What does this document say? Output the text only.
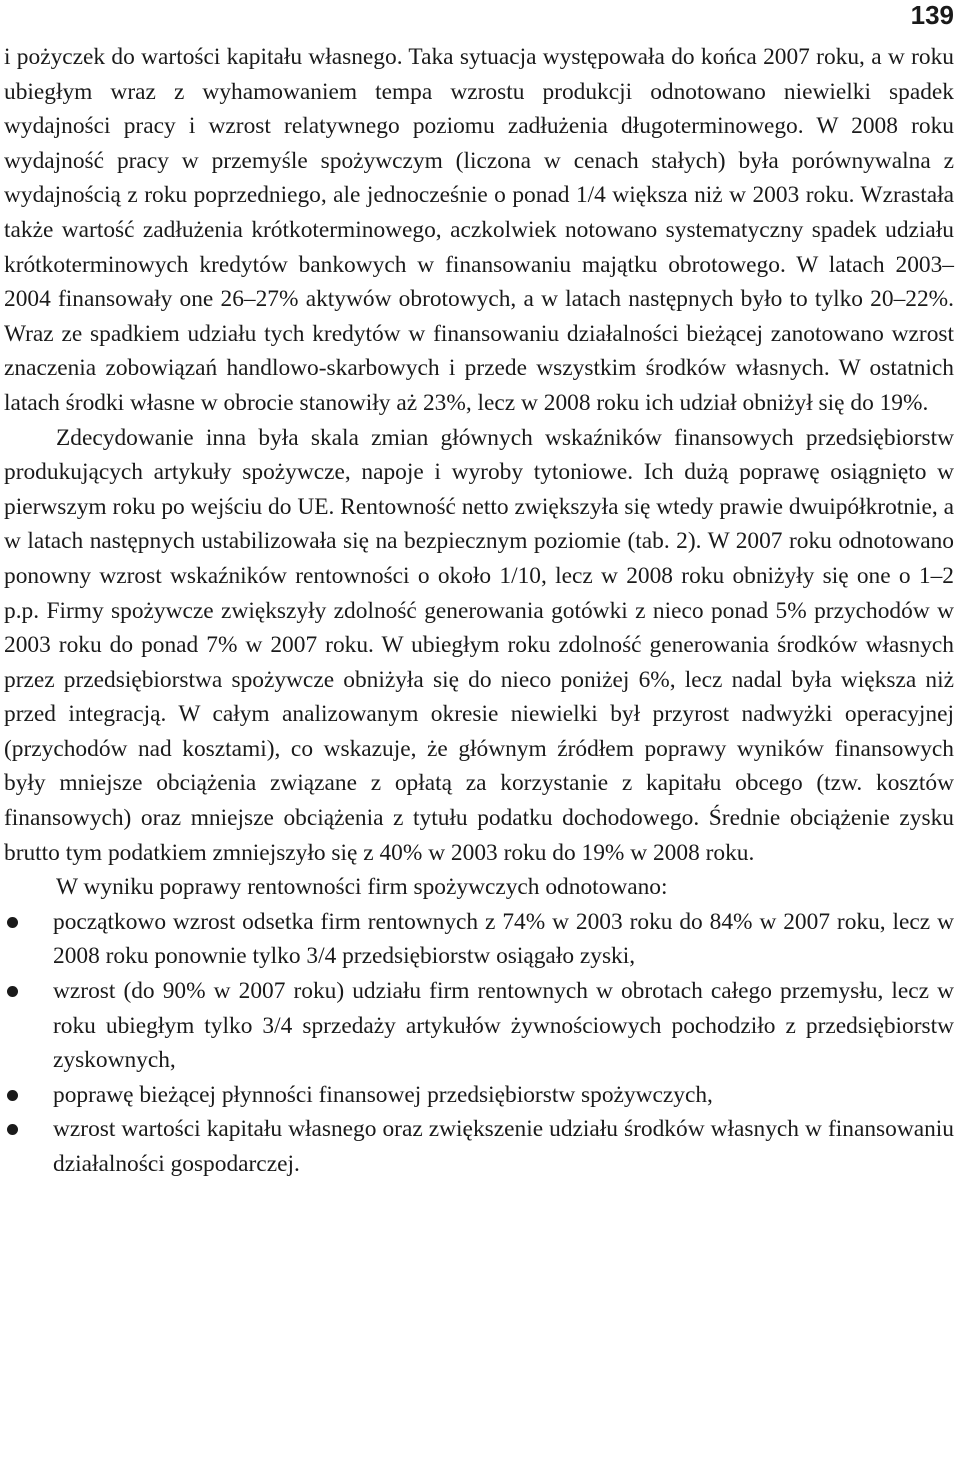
139

i pożyczek do wartości kapitału własnego. Taka sytuacja występowała do końca 2007 roku, a w roku ubiegłym wraz z wyhamowaniem tempa wzrostu produkcji odnotowano niewielki spadek wydajności pracy i wzrost relatywnego poziomu zadłużenia długoterminowego. W 2008 roku wydajność pracy w przemyśle spożywczym (liczona w cenach stałych) była porównywalna z wydajnością z roku poprzedniego, ale jednocześnie o ponad 1/4 większa niż w 2003 roku. Wzrastała także wartość zadłużenia krótkoterminowego, aczkolwiek notowano systematyczny spadek udziału krótkoterminowych kredytów bankowych w finansowaniu majątku obrotowego. W latach 2003–2004 finansowały one 26–27% aktywów obrotowych, a w latach następnych było to tylko 20–22%. Wraz ze spadkiem udziału tych kredytów w finansowaniu działalności bieżącej zanotowano wzrost znaczenia zobowiązań handlowo-skarbowych i przede wszystkim środków własnych. W ostatnich latach środki własne w obrocie stanowiły aż 23%, lecz w 2008 roku ich udział obniżył się do 19%.

Zdecydowanie inna była skala zmian głównych wskaźników finansowych przedsiębiorstw produkujących artykuły spożywcze, napoje i wyroby tytoniowe. Ich dużą poprawę osiągnięto w pierwszym roku po wejściu do UE. Rentowność netto zwiększyła się wtedy prawie dwuipółkrotnie, a w latach następnych ustabilizowała się na bezpiecznym poziomie (tab. 2). W 2007 roku odnotowano ponowny wzrost wskaźników rentowności o około 1/10, lecz w 2008 roku obniżyły się one o 1–2 p.p. Firmy spożywcze zwiększyły zdolność generowania gotówki z nieco ponad 5% przychodów w 2003 roku do ponad 7% w 2007 roku. W ubiegłym roku zdolność generowania środków własnych przez przedsiębiorstwa spożywcze obniżyła się do nieco poniżej 6%, lecz nadal była większa niż przed integracją. W całym analizowanym okresie niewielki był przyrost nadwyżki operacyjnej (przychodów nad kosztami), co wskazuje, że głównym źródłem poprawy wyników finansowych były mniejsze obciążenia związane z opłatą za korzystanie z kapitału obcego (tzw. kosztów finansowych) oraz mniejsze obciążenia z tytułu podatku dochodowego. Średnie obciążenie zysku brutto tym podatkiem zmniejszyło się z 40% w 2003 roku do 19% w 2008 roku.

W wyniku poprawy rentowności firm spożywczych odnotowano:

początkowo wzrost odsetka firm rentownych z 74% w 2003 roku do 84% w 2007 roku, lecz w 2008 roku ponownie tylko 3/4 przedsiębiorstw osiągało zyski,
wzrost (do 90% w 2007 roku) udziału firm rentownych w obrotach całego przemysłu, lecz w roku ubiegłym tylko 3/4 sprzedaży artykułów żywnościowych pochodziło z przedsiębiorstw zyskownych,
poprawę bieżącej płynności finansowej przedsiębiorstw spożywczych,
wzrost wartości kapitału własnego oraz zwiększenie udziału środków własnych w finansowaniu działalności gospodarczej.
